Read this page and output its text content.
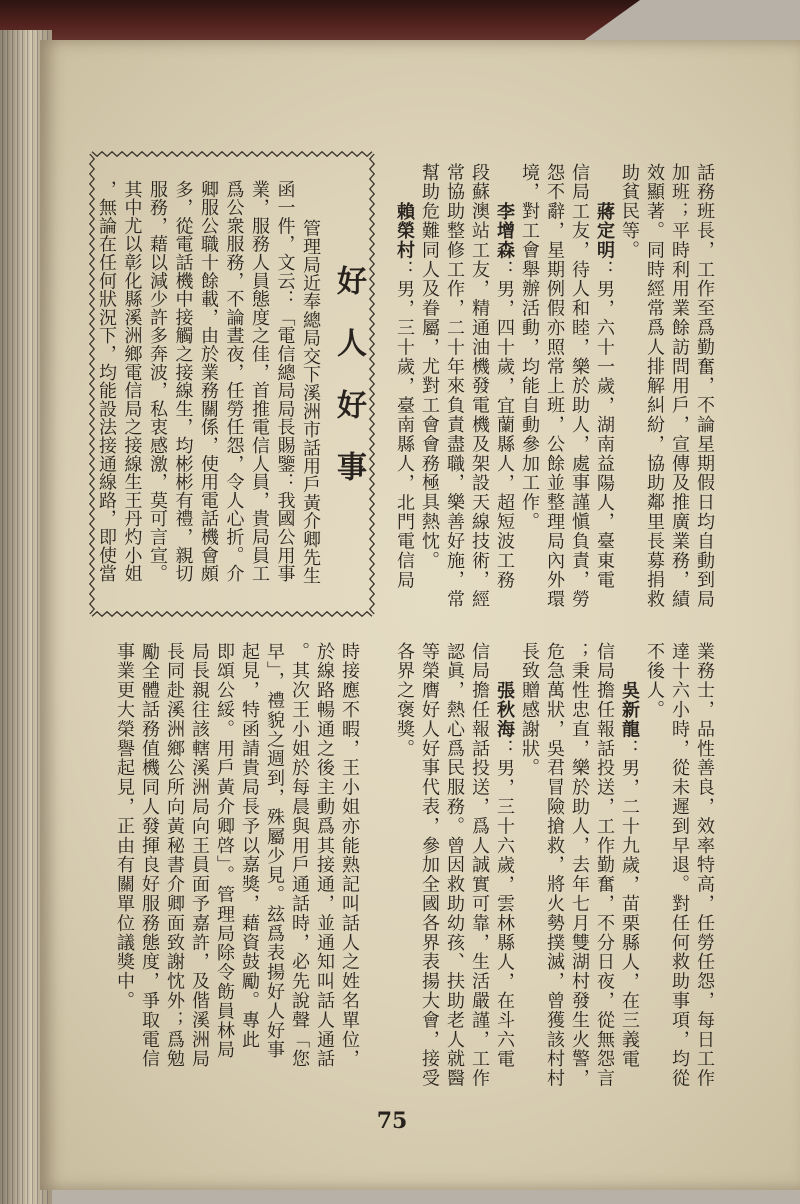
話務班長，工作至爲勤奮，不論星期假日均自動到局
加班；平時利用業餘訪問用戶，宣傳及推廣業務，績
效顯著。同時經常爲人排解糾紛，協助鄰里長募捐救
助貧民等。
蔣定明：男，六十一歲，湖南益陽人，臺東電
信局工友，待人和睦，樂於助人，處事謹愼負責，勞
怨不辭，星期例假亦照常上班，公餘並整理局內外環
境，對工會舉辦活動，均能自動參加工作。
李增森：男，四十歲，宜蘭縣人，超短波工務
段蘇澳站工友，精通油機發電機及架設天線技術，經
常協助整修工作，二十年來負責盡職，樂善好施，常
幫助危難同人及眷屬，尤對工會會務極具熱忱。
賴榮村：男，三十歲，臺南縣人，北門電信局
好人好事
管理局近奉總局交下溪洲市話用戶黃介卿先生
函一件，文云：「電信總局局長賜鑒：我國公用事
業，服務人員態度之佳，首推電信人員，貴局員工
爲公衆服務，不論晝夜，任勞任怨，令人心折。介
卿服公職十餘載，由於業務關係，使用電話機會頗
多，從電話機中接觸之接線生，均彬彬有禮，親切
服務，藉以減少許多奔波，私衷感激，莫可言宣。
其中尤以彰化縣溪洲鄉電信局之接線生王丹灼小姐
，無論在任何狀況下，均能設法接通線路，即使當
業務士，品性善良，效率特高，任勞任怨，每日工作
達十六小時，從未遲到早退。對任何救助事項，均從
不後人。
吳新龍：男，二十九歲，苗栗縣人，在三義電
信局擔任報話投送，工作勤奮，不分日夜，從無怨言
；秉性忠直，樂於助人，去年七月雙湖村發生火警，
危急萬狀，吳君冒險搶救，將火勢撲滅，曾獲該村村
長致贈感謝狀。
張秋海：男，三十六歲，雲林縣人，在斗六電
信局擔任報話投送，爲人誠實可靠，生活嚴謹，工作
認眞，熱心爲民服務。曾因救助幼孩、扶助老人就醫
等榮膺好人好事代表，參加全國各界表揚大會，接受
各界之褒獎。
時接應不暇，王小姐亦能熟記叫話人之姓名單位，
於線路暢通之後主動爲其接通，並通知叫話人通話
。其次王小姐於每晨與用戶通話時，必先說聲「您
早」，禮貌之週到，殊屬少見。玆爲表揚好人好事
起見，特函請貴局長予以嘉獎，藉資鼓勵。專此
即頌公綏。用戶黃介卿啓」。管理局除令飭員林局
局長親往該轄溪洲局向王員面予嘉許，及偕溪洲局
長同赴溪洲鄉公所向黃秘書介卿面致謝忱外；爲勉
勵全體話務值機同人發揮良好服務態度，爭取電信
事業更大榮譽起見，正由有關單位議獎中。
75
